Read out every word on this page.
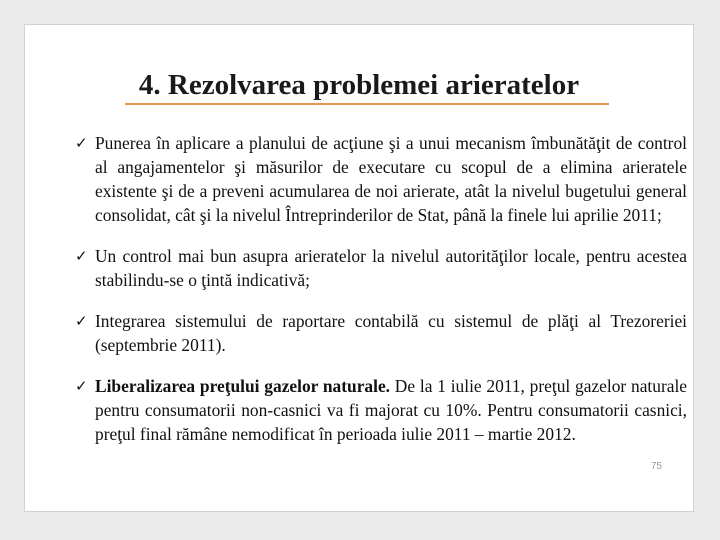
4. Rezolvarea problemei arieratelor
✓ Punerea în aplicare a planului de acţiune şi a unui mecanism îmbunătăţit de control al angajamentelor şi măsurilor de executare cu scopul de a elimina arieratele existente şi de a preveni acumularea de noi arierate, atât la nivelul bugetului general consolidat, cât şi la nivelul Întreprinderilor de Stat, până la finele lui aprilie 2011;
✓ Un control mai bun asupra arieratelor la nivelul autorităţilor locale, pentru acestea stabilindu-se o ţintă indicativă;
✓ Integrarea sistemului de raportare contabilă cu sistemul de plăţi al Trezoreriei (septembrie 2011).
✓ Liberalizarea preţului gazelor naturale. De la 1 iulie 2011, preţul gazelor naturale pentru consumatorii non-casnici va fi majorat cu 10%. Pentru consumatorii casnici, preţul final rămâne nemodificat în perioada iulie 2011 – martie 2012.
75
